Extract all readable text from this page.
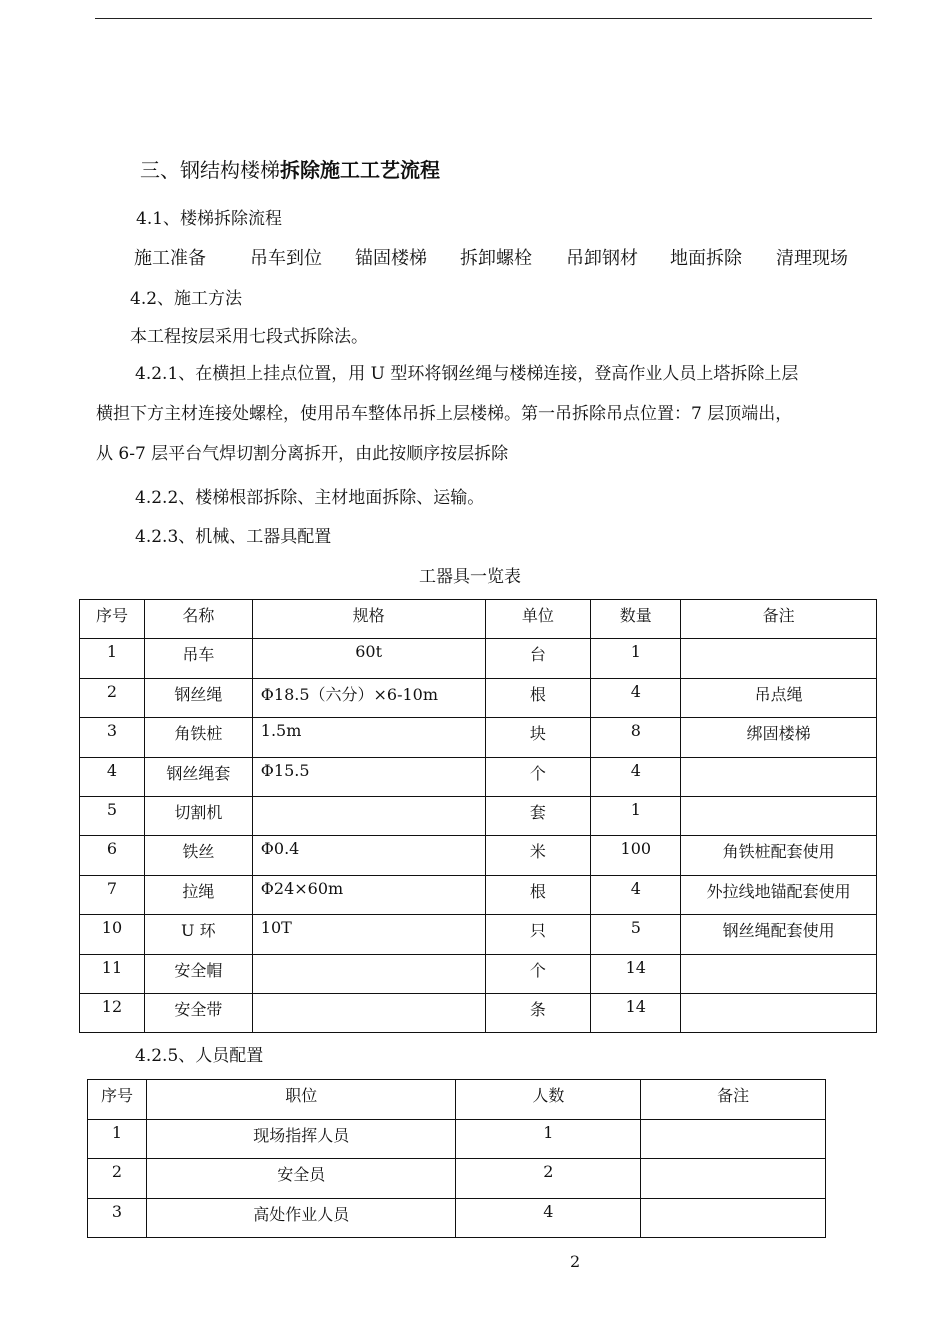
三、钢结构楼梯拆除施工工艺流程
4.1、楼梯拆除流程
施工准备 吊车到位 锚固楼梯 拆卸螺栓 吊卸钢材 地面拆除 清理现场
4.2、施工方法
本工程按层采用七段式拆除法。
4.2.1、在横担上挂点位置，用 U 型环将钢丝绳与楼梯连接，登高作业人员上塔拆除上层
横担下方主材连接处螺栓，使用吊车整体吊拆上层楼梯。第一吊拆除吊点位置：7 层顶端出，
从 6-7 层平台气焊切割分离拆开，由此按顺序按层拆除
4.2.2、楼梯根部拆除、主材地面拆除、运输。
4.2.3、机械、工器具配置
工器具一览表
序号	名称	规格	单位	数量	备注
1	吊车	60t	台	1	
2	钢丝绳	Φ18.5（六分）×6-10m	根	4	吊点绳
3	角铁桩	1.5m	块	8	绑固楼梯
4	钢丝绳套	Φ15.5	个	4	
5	切割机		套	1	
6	铁丝	Φ0.4	米	100	角铁桩配套使用
7	拉绳	Φ24×60m	根	4	外拉线地锚配套使用
10	U 环	10T	只	5	钢丝绳配套使用
11	安全帽		个	14	
12	安全带		条	14	
4.2.5、人员配置
序号	职位	人数	备注
1	现场指挥人员	1	
2	安全员	2	
3	高处作业人员	4	
2
